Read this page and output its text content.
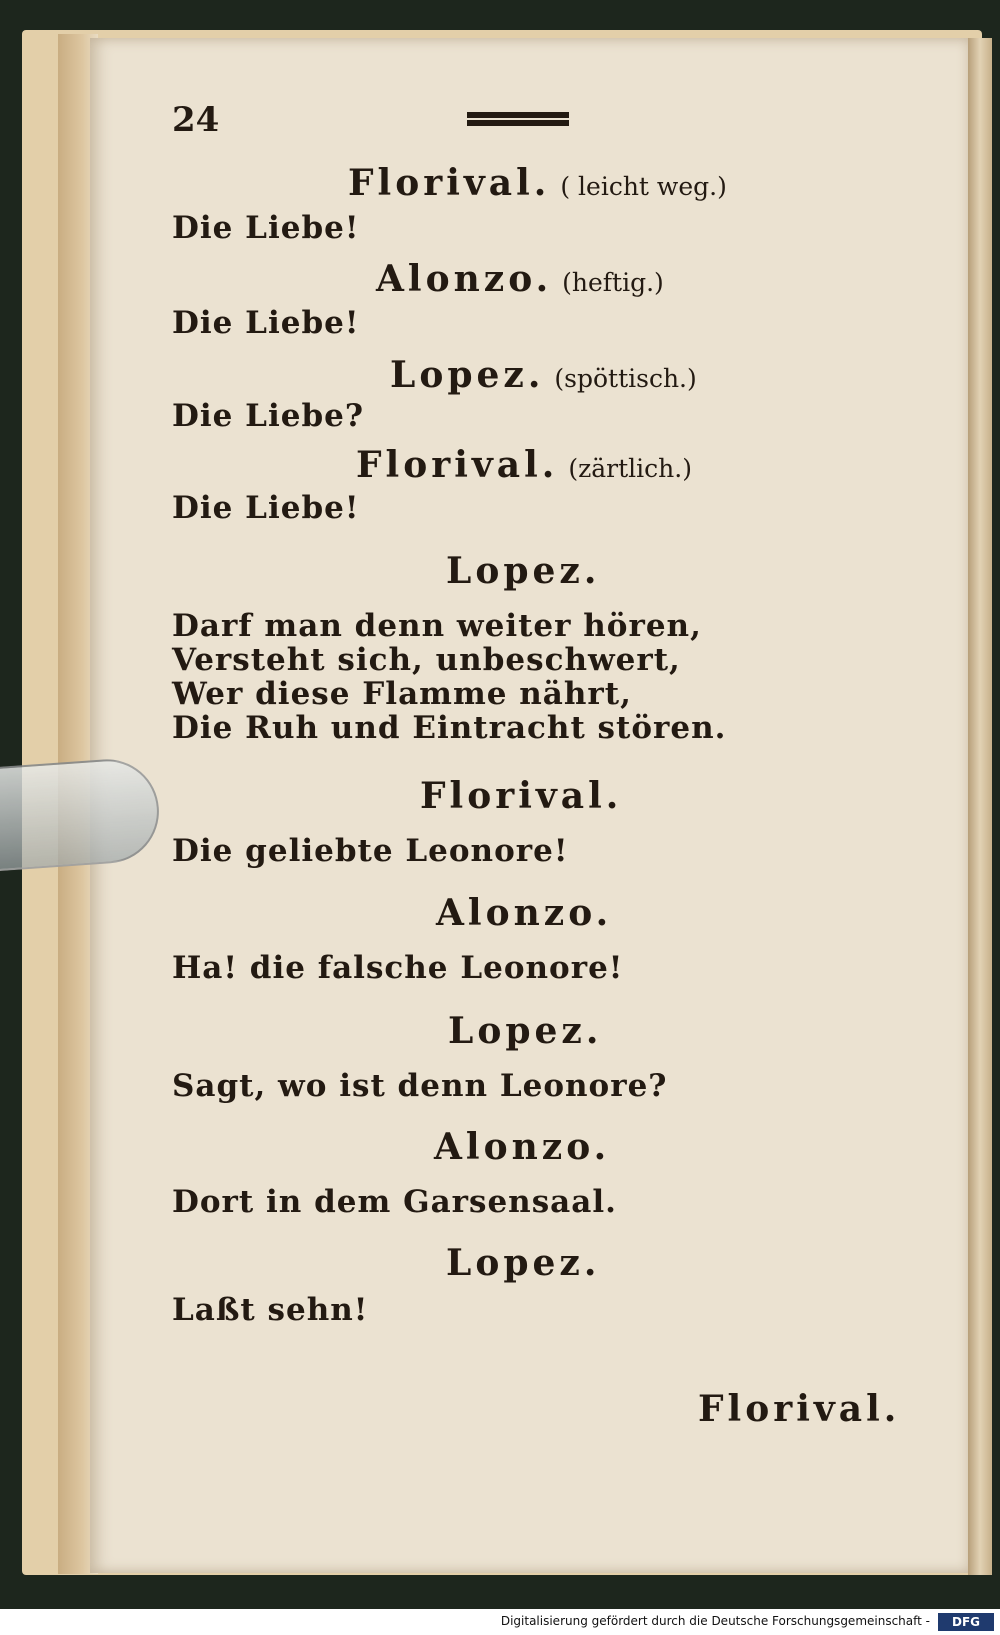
24
Florival. ( leicht weg.)
Die Liebe!
Alonzo. (heftig.)
Die Liebe!
Lopez. (spöttisch.)
Die Liebe?
Florival. (zärtlich.)
Die Liebe!
Lopez.
Darf man denn weiter hören,
Versteht sich, unbeschwert,
Wer diese Flamme nährt,
Die Ruh und Eintracht stören.
Florival.
Die geliebte Leonore!
Alonzo.
Ha! die falsche Leonore!
Lopez.
Sagt, wo ist denn Leonore?
Alonzo.
Dort in dem Garsensaal.
Lopez.
Laßt sehn!
Florival.
Digitalisierung gefördert durch die Deutsche Forschungsgemeinschaft -	DFG
